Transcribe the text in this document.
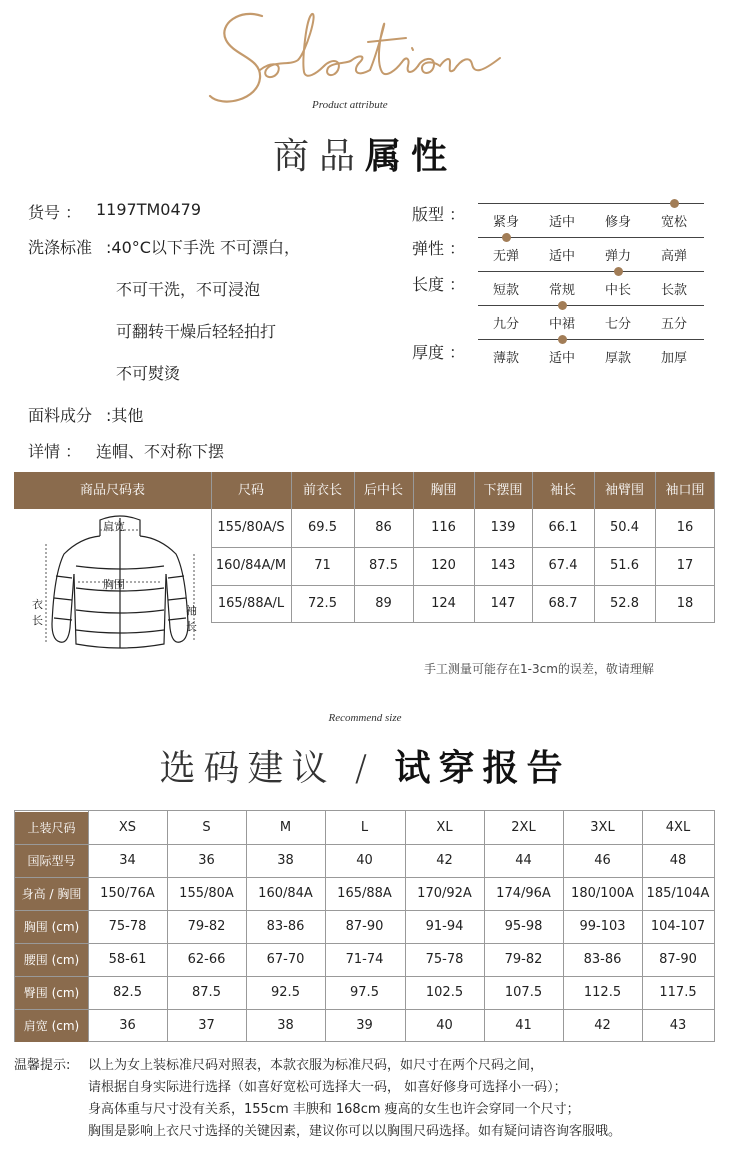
Product attribute
商品属性
货号 ： 1197TM0479
洗涤标准 :40°C以下手洗 不可漂白，
不可干洗，不可浸泡
可翻转干燥后轻轻拍打
不可熨烫
面料成分 :其他
详情 ： 连帽、不对称下摆
版型 ：	紧身	适中	修身	宽松
弹性 ：	无弹	适中	弹力	高弹
长度 ：	短款	常规	中长	长款
九分	中裙	七分	五分
厚度 ：	薄款	适中	厚款	加厚
商品尺码表
肩宽
胸围
衣
长
袖
长
尺码	前衣长	后中长	胸围	下摆围	袖长	袖臂围	袖口围
155/80A/S	69.5	86	116	139	66.1	50.4	16
160/84A/M	71	87.5	120	143	67.4	51.6	17
165/88A/L	72.5	89	124	147	68.7	52.8	18
手工测量可能存在1-3cm的误差，敬请理解
Recommend size
选码建议 / 试穿报告
上装尺码	XS	S	M	L	XL	2XL	3XL	4XL
国际型号	34	36	38	40	42	44	46	48
身高 / 胸围	150/76A	155/80A	160/84A	165/88A	170/92A	174/96A	180/100A 185/104A
胸围 (cm)	75-78	79-82	83-86	87-90	91-94	95-98	99-103	104-107
腰围 (cm)	58-61	62-66	67-70	71-74	75-78	79-82	83-86	87-90
臀围 (cm)	82.5	87.5	92.5	97.5	102.5	107.5	112.5	117.5
肩宽 (cm)	36	37	38	39	40	41	42	43
温馨提示: 以上为女上装标准尺码对照表，本款衣服为标准尺码，如尺寸在两个尺码之间，
请根据自身实际进行选择（如喜好宽松可选择大一码， 如喜好修身可选择小一码）；
身高体重与尺寸没有关系，155cm 丰腴和 168cm 瘦高的女生也许会穿同一个尺寸；
胸围是影响上衣尺寸选择的关键因素，建议你可以以胸围尺码选择。如有疑问请咨询客服哦。
